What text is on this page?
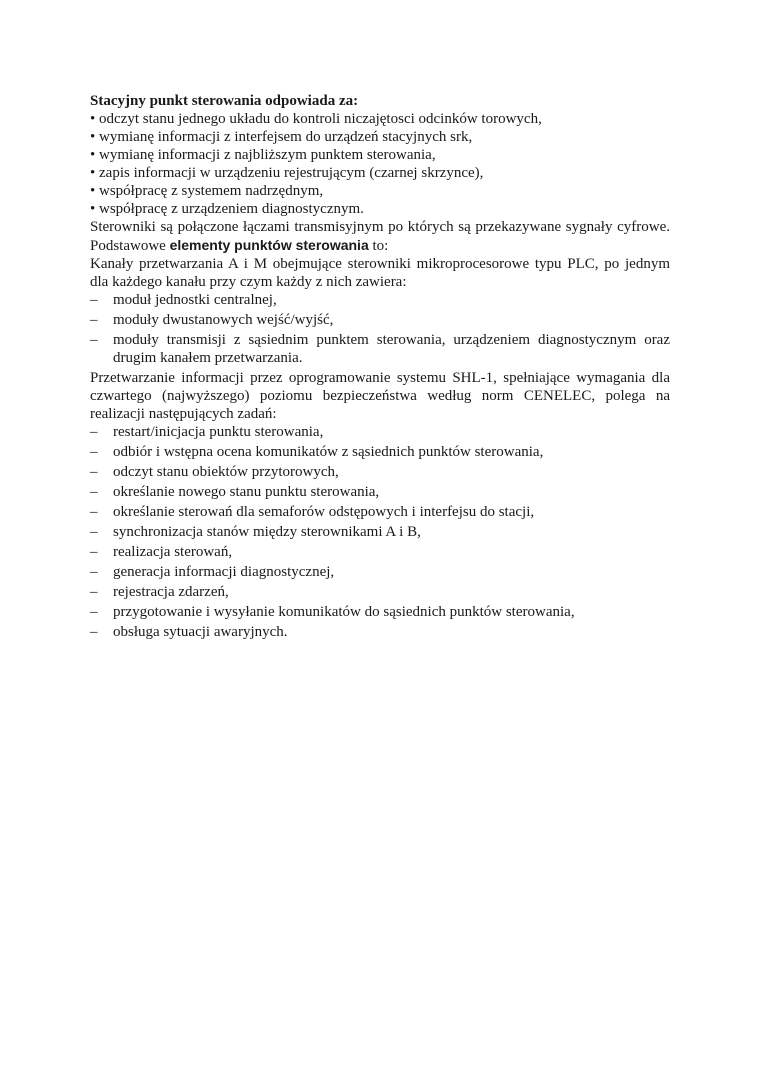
Stacyjny punkt sterowania odpowiada za:

• odczyt stanu jednego układu do kontroli niczajętosci odcinków torowych,

• wymianę informacji z interfejsem do urządzeń stacyjnych srk,

• wymianę informacji z najbliższym punktem sterowania,

• zapis informacji w urządzeniu rejestrującym (czarnej skrzynce),

• współpracę z systemem nadrzędnym,

• współpracę z urządzeniem diagnostycznym.

Sterowniki są połączone łączami transmisyjnym po których są przekazywane sygnały cyfrowe. Podstawowe elementy punktów sterowania to:

Kanały przetwarzania A i M obejmujące sterowniki mikroprocesorowe typu PLC, po jednym dla każdego kanału przy czym każdy z nich zawiera:

– moduł jednostki centralnej,
– moduły dwustanowych wejść/wyjść,
– moduły transmisji z sąsiednim punktem sterowania, urządzeniem diagnostycznym oraz drugim kanałem przetwarzania.

Przetwarzanie informacji przez oprogramowanie systemu SHL-1, spełniające wymagania dla czwartego (najwyższego) poziomu bezpieczeństwa według norm CENELEC, polega na realizacji następujących zadań:

– restart/inicjacja punktu sterowania,
– odbiór i wstępna ocena komunikatów z sąsiednich punktów sterowania,
– odczyt stanu obiektów przytorowych,
– określanie nowego stanu punktu sterowania,
– określanie sterowań dla semaforów odstępowych i interfejsu do stacji,
– synchronizacja stanów między sterownikami A i B,
– realizacja sterowań,
– generacja informacji diagnostycznej,
– rejestracja zdarzeń,
– przygotowanie i wysyłanie komunikatów do sąsiednich punktów sterowania,
– obsługa sytuacji awaryjnych.
